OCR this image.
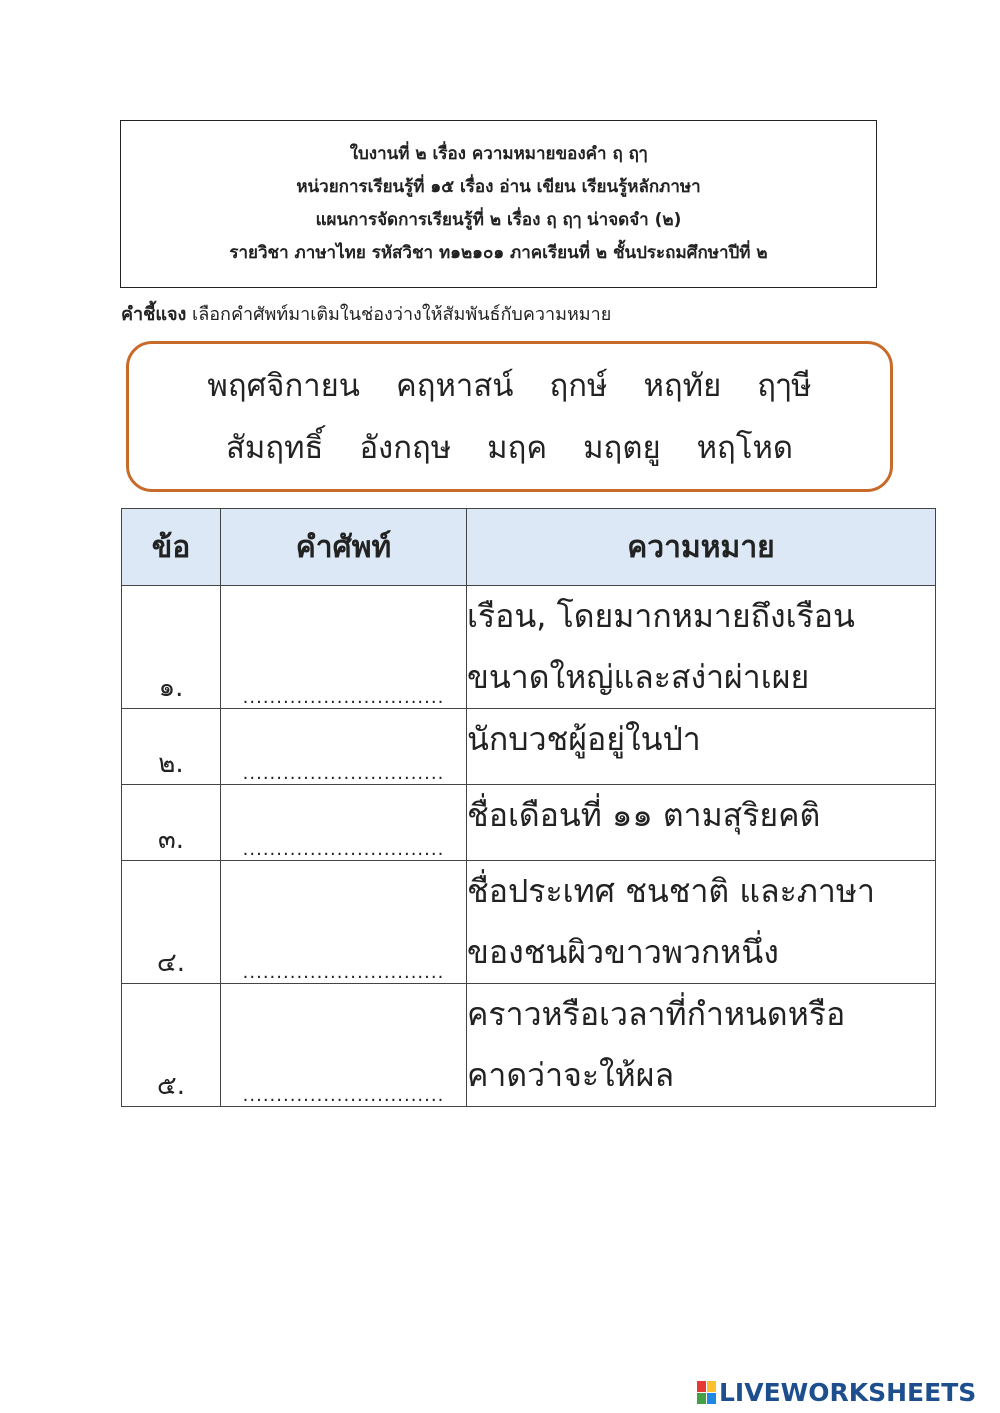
ใบงานที่ ๒ เรื่อง ความหมายของคำ ฤ ฤๅ
หน่วยการเรียนรู้ที่ ๑๕ เรื่อง อ่าน เขียน เรียนรู้หลักภาษา
แผนการจัดการเรียนรู้ที่ ๒ เรื่อง ฤ ฤๅ น่าจดจำ (๒)
รายวิชา ภาษาไทย รหัสวิชา ท๑๒๑๐๑ ภาคเรียนที่ ๒ ชั้นประถมศึกษาปีที่ ๒
คำชี้แจง เลือกคำศัพท์มาเติมในช่องว่างให้สัมพันธ์กับความหมาย
พฤศจิกายน คฤหาสน์ ฤกษ์ หฤทัย ฤๅษี
สัมฤทธิ์ อังกฤษ มฤค มฤตยู หฤโหด
ข้อ	คำศัพท์	ความหมาย
๑.	..............................	เรือน, โดยมากหมายถึงเรือน
ขนาดใหญ่และสง่าผ่าเผย

๒.	..............................	นักบวชผู้อยู่ในป่า

๓.	..............................	ชื่อเดือนที่ ๑๑ ตามสุริยคติ

๔.	..............................	ชื่อประเทศ ชนชาติ และภาษา
ของชนผิวขาวพวกหนึ่ง

๕.	..............................	คราวหรือเวลาที่กำหนดหรือ
คาดว่าจะให้ผล
LIVEWORKSHEETS
